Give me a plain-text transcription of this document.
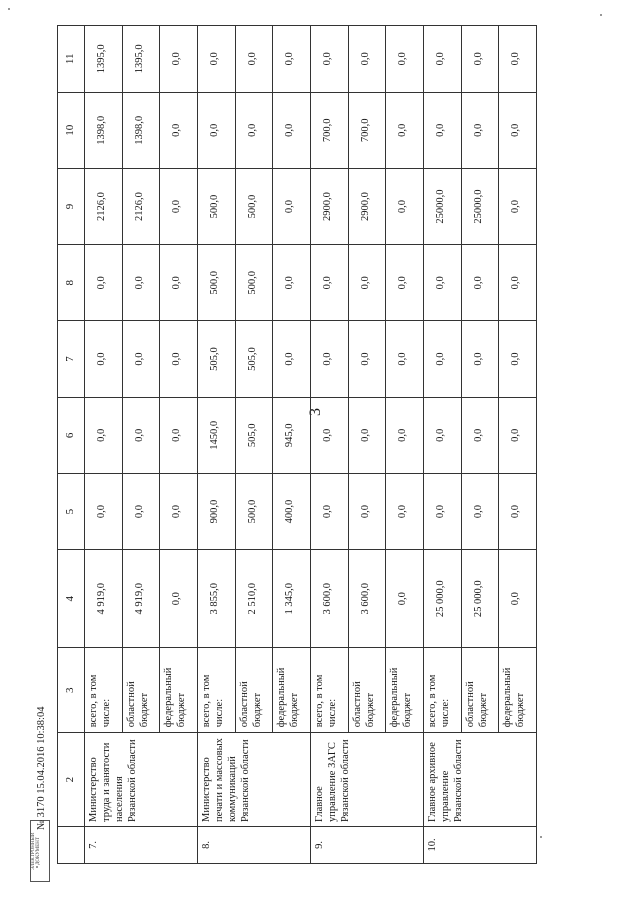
3
	2	3	4	5	6	7	8	9	10	11
7.	Министерство труда и занятости населения Рязанской области	всего, в том числе:	4 919,0	0,0	0,0	0,0	0,0	2126,0	1398,0	1395,0
		областной бюджет	4 919,0	0,0	0,0	0,0	0,0	2126,0	1398,0	1395,0
		федеральный бюджет	0,0	0,0	0,0	0,0	0,0	0,0	0,0	0,0
8.	Министерство печати и массовых коммуникаций Рязанской области	всего, в том числе:	3 855,0	900,0	1450,0	505,0	500,0	500,0	0,0	0,0
		областной бюджет	2 510,0	500,0	505,0	505,0	500,0	500,0	0,0	0,0
		федеральный бюджет	1 345,0	400,0	945,0	0,0	0,0	0,0	0,0	0,0
9.	Главное управление ЗАГС Рязанской области	всего, в том числе:	3 600,0	0,0	0,0	0,0	0,0	2900,0	700,0	0,0
		областной бюджет	3 600,0	0,0	0,0	0,0	0,0	2900,0	700,0	0,0
		федеральный бюджет	0,0	0,0	0,0	0,0	0,0	0,0	0,0	0,0
10.	Главное архивное управление Рязанской области	всего, в том числе:	25 000,0	0,0	0,0	0,0	0,0	25000,0	0,0	0,0
		областной бюджет	25 000,0	0,0	0,0	0,0	0,0	25000,0	0,0	0,0
		федеральный бюджет	0,0	0,0	0,0	0,0	0,0	0,0	0,0	0,0
ЭЛЕКТРОННЫЙ ДОКУМЕНТ
№ 3170 15.04.2016 10:38:04
